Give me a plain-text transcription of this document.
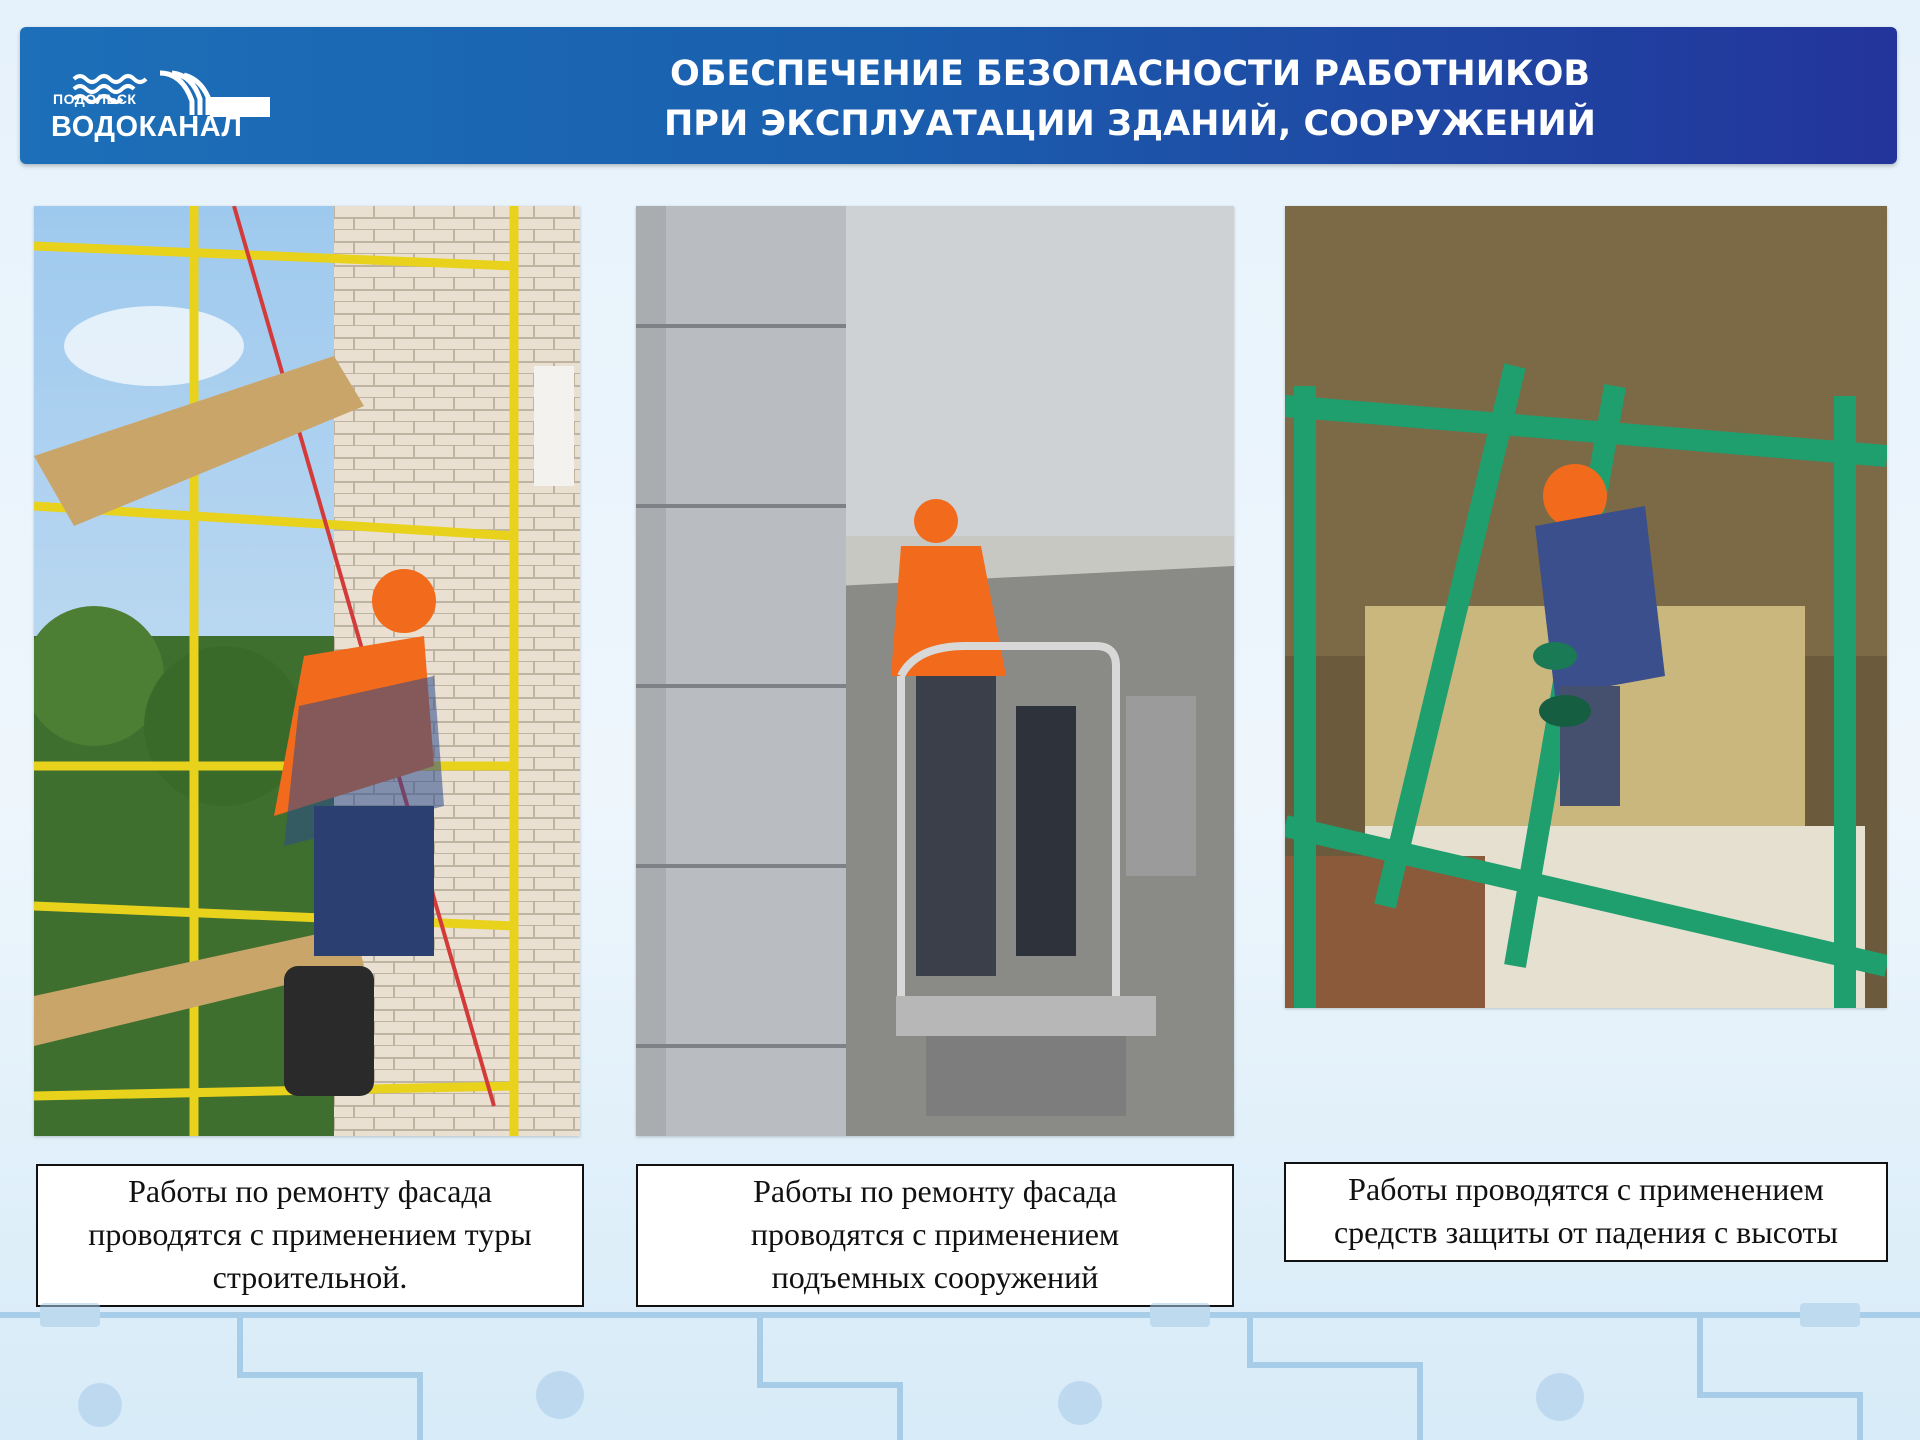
ПОДОЛЬСК
ВОДОКАНАЛ
ОБЕСПЕЧЕНИЕ БЕЗОПАСНОСТИ РАБОТНИКОВ
ПРИ ЭКСПЛУАТАЦИИ ЗДАНИЙ, СООРУЖЕНИЙ
Работы по ремонту фасада
проводятся с применением туры
строительной.
Работы по ремонту фасада
проводятся с применением
подъемных сооружений
Работы проводятся с применением
средств защиты от падения с высоты
